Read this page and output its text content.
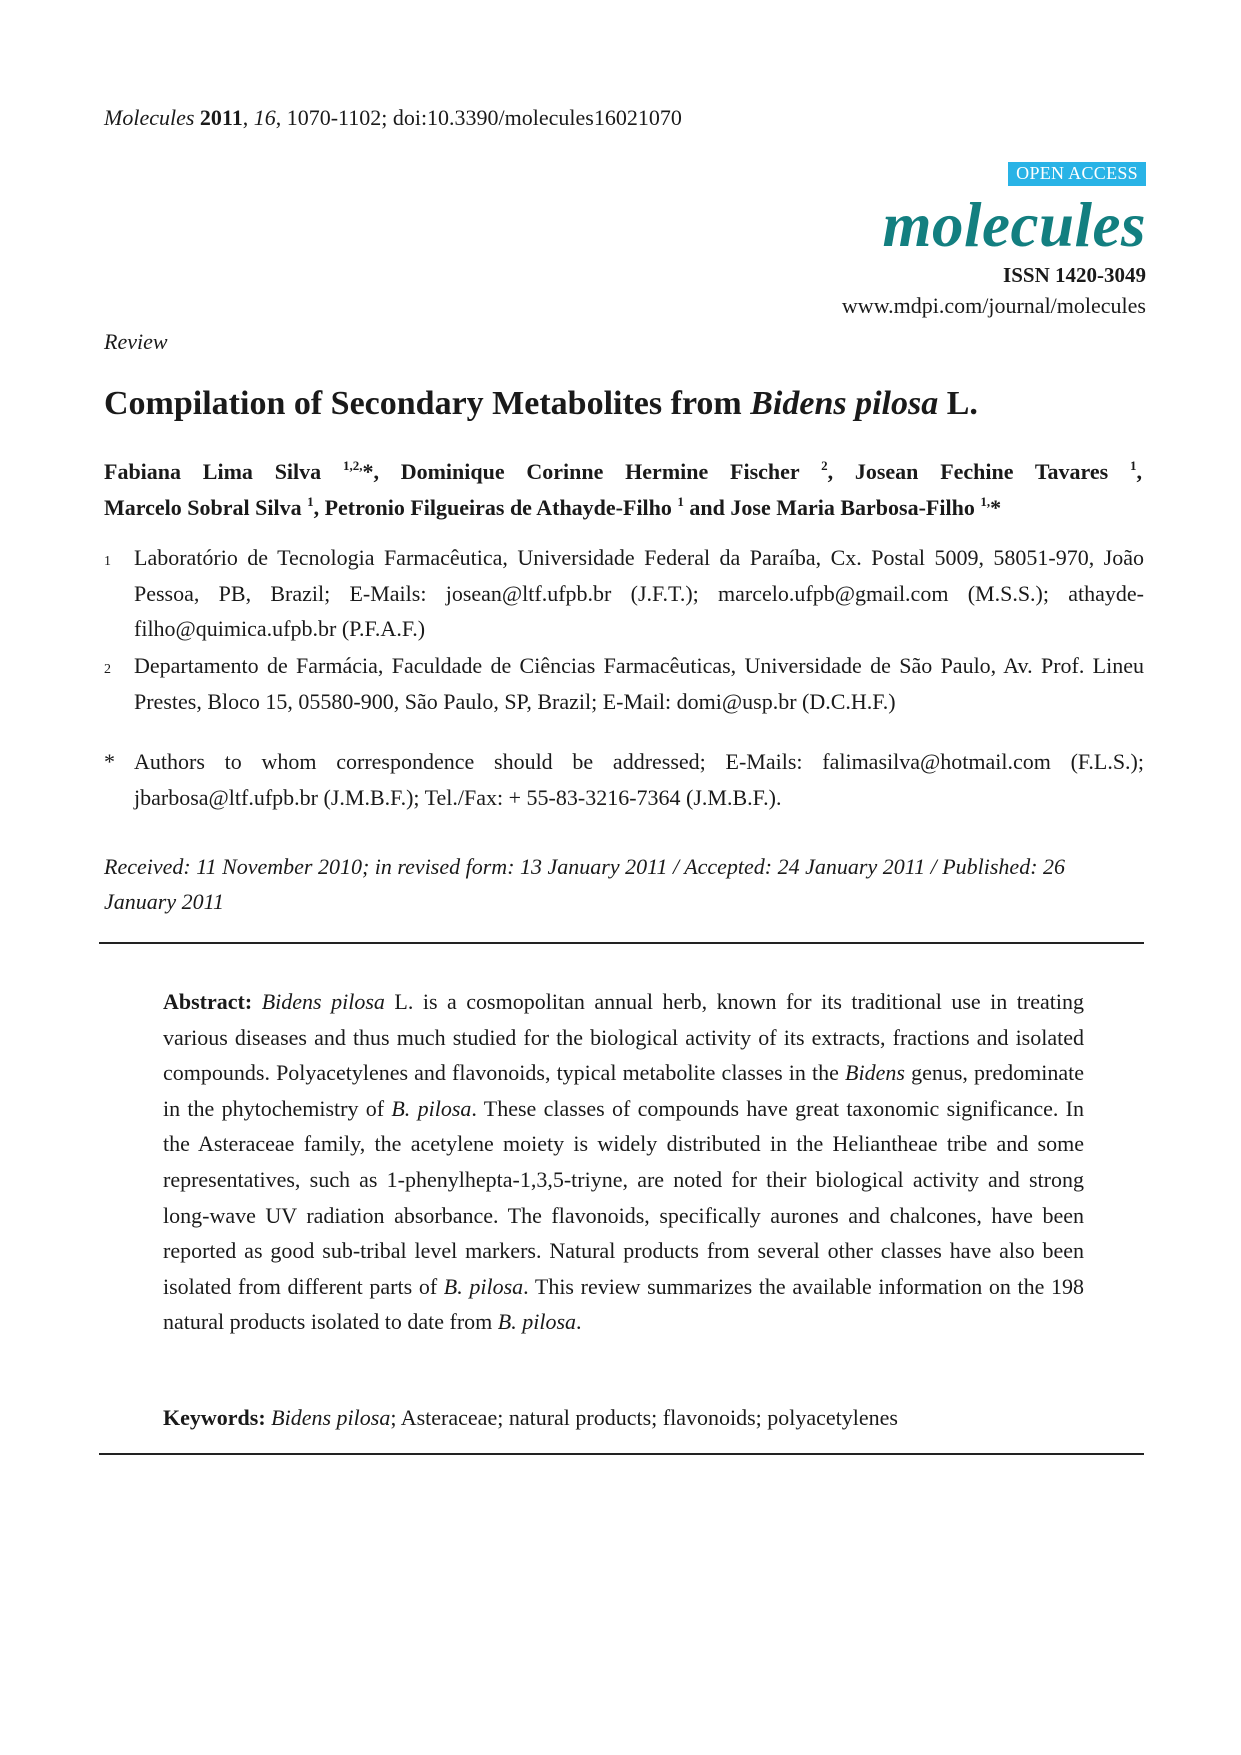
Molecules 2011, 16, 1070-1102; doi:10.3390/molecules16021070
OPEN ACCESS
molecules
ISSN 1420-3049
www.mdpi.com/journal/molecules
Review
Compilation of Secondary Metabolites from Bidens pilosa L.
Fabiana Lima Silva $^{1,2,}$*, Dominique Corinne Hermine Fischer $^2$, Josean Fechine Tavares $^1$,
Marcelo Sobral Silva $^1$, Petronio Filgueiras de Athayde-Filho $^1$ and Jose Maria Barbosa-Filho $^{1,}$*
1 Laboratório de Tecnologia Farmacêutica, Universidade Federal da Paraíba, Cx. Postal 5009, 58051-970, João Pessoa, PB, Brazil; E-Mails: josean@ltf.ufpb.br (J.F.T.); marcelo.ufpb@gmail.com (M.S.S.); athayde-filho@quimica.ufpb.br (P.F.A.F.)
2 Departamento de Farmácia, Faculdade de Ciências Farmacêuticas, Universidade de São Paulo, Av. Prof. Lineu Prestes, Bloco 15, 05580-900, São Paulo, SP, Brazil; E-Mail: domi@usp.br (D.C.H.F.)
* Authors to whom correspondence should be addressed; E-Mails: falimasilva@hotmail.com (F.L.S.); jbarbosa@ltf.ufpb.br (J.M.B.F.); Tel./Fax: + 55-83-3216-7364 (J.M.B.F.).
Received: 11 November 2010; in revised form: 13 January 2011 / Accepted: 24 January 2011 / Published: 26 January 2011
Abstract: Bidens pilosa L. is a cosmopolitan annual herb, known for its traditional use in treating various diseases and thus much studied for the biological activity of its extracts, fractions and isolated compounds. Polyacetylenes and flavonoids, typical metabolite classes in the Bidens genus, predominate in the phytochemistry of B. pilosa. These classes of compounds have great taxonomic significance. In the Asteraceae family, the acetylene moiety is widely distributed in the Heliantheae tribe and some representatives, such as 1-phenylhepta-1,3,5-triyne, are noted for their biological activity and strong long-wave UV radiation absorbance. The flavonoids, specifically aurones and chalcones, have been reported as good sub-tribal level markers. Natural products from several other classes have also been isolated from different parts of B. pilosa. This review summarizes the available information on the 198 natural products isolated to date from B. pilosa.
Keywords: Bidens pilosa; Asteraceae; natural products; flavonoids; polyacetylenes
